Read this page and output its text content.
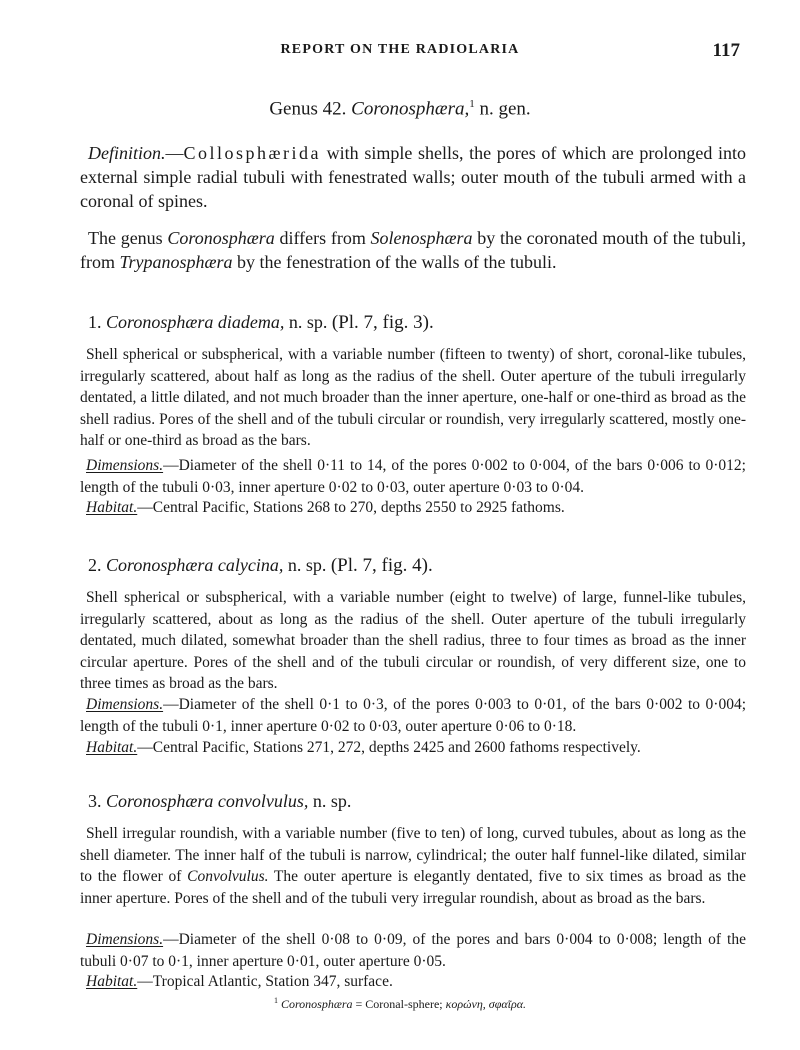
REPORT ON THE RADIOLARIA	117
Genus 42. Coronosphæra,$^1$ n. gen.

Definition.—Collosphærida with simple shells, the pores of which are prolonged into external simple radial tubuli with fenestrated walls; outer mouth of the tubuli armed with a coronal of spines.

The genus Coronosphæra differs from Solenosphæra by the coronated mouth of the tubuli, from Trypanosphæra by the fenestration of the walls of the tubuli.

1. Coronosphæra diadema, n. sp. (Pl. 7, fig. 3).

Shell spherical or subspherical, with a variable number (fifteen to twenty) of short, coronal-like tubules, irregularly scattered, about half as long as the radius of the shell. Outer aperture of the tubuli irregularly dentated, a little dilated, and not much broader than the inner aperture, one-half or one-third as broad as the shell radius. Pores of the shell and of the tubuli circular or roundish, very irregularly scattered, mostly one-half or one-third as broad as the bars.

Dimensions.—Diameter of the shell 0·11 to 14, of the pores 0·002 to 0·004, of the bars 0·006 to 0·012; length of the tubuli 0·03, inner aperture 0·02 to 0·03, outer aperture 0·03 to 0·04.

Habitat.—Central Pacific, Stations 268 to 270, depths 2550 to 2925 fathoms.

2. Coronosphæra calycina, n. sp. (Pl. 7, fig. 4).

Shell spherical or subspherical, with a variable number (eight to twelve) of large, funnel-like tubules, irregularly scattered, about as long as the radius of the shell. Outer aperture of the tubuli irregularly dentated, much dilated, somewhat broader than the shell radius, three to four times as broad as the inner circular aperture. Pores of the shell and of the tubuli circular or roundish, of very different size, one to three times as broad as the bars.

Dimensions.—Diameter of the shell 0·1 to 0·3, of the pores 0·003 to 0·01, of the bars 0·002 to 0·004; length of the tubuli 0·1, inner aperture 0·02 to 0·03, outer aperture 0·06 to 0·18.

Habitat.—Central Pacific, Stations 271, 272, depths 2425 and 2600 fathoms respectively.

3. Coronosphæra convolvulus, n. sp.

Shell irregular roundish, with a variable number (five to ten) of long, curved tubules, about as long as the shell diameter. The inner half of the tubuli is narrow, cylindrical; the outer half funnel-like dilated, similar to the flower of Convolvulus. The outer aperture is elegantly dentated, five to six times as broad as the inner aperture. Pores of the shell and of the tubuli very irregular roundish, about as broad as the bars.

Dimensions.—Diameter of the shell 0·08 to 0·09, of the pores and bars 0·004 to 0·008; length of the tubuli 0·07 to 0·1, inner aperture 0·01, outer aperture 0·05.

Habitat.—Tropical Atlantic, Station 347, surface.

$^1$ Coronosphæra = Coronal-sphere; κορώνη, σφαῖρα.
